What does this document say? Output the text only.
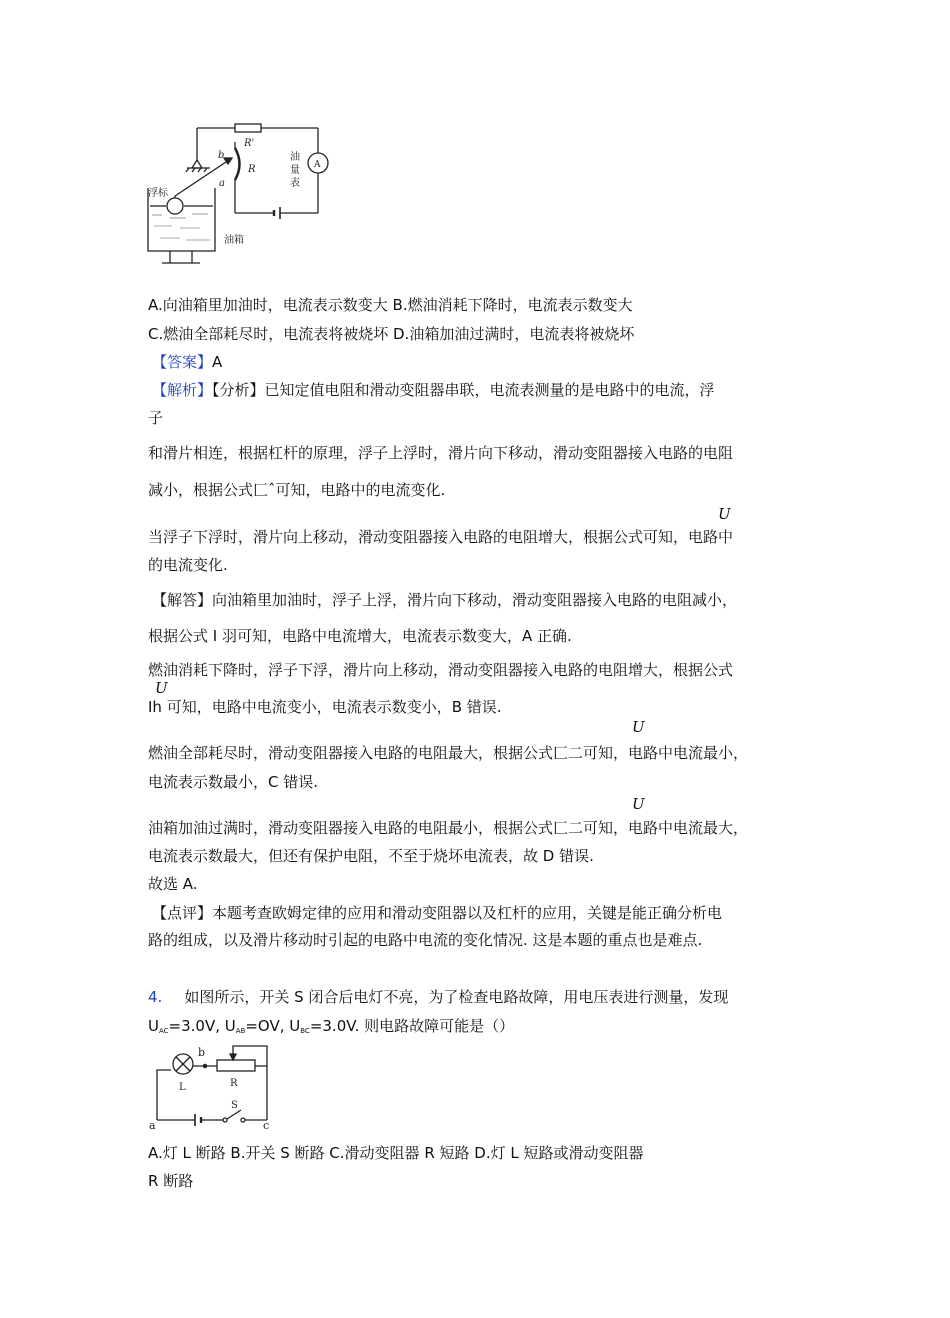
b
a
R'
R	A
浮标
油箱
油
量
表
A.向油箱里加油时，电流表示数变大 B.燃油消耗下降时，电流表示数变大
C.燃油全部耗尽时，电流表将被烧坏 D.油箱加油过满时，电流表将被烧坏
【答案】A
【解析】【分析】已知定值电阻和滑动变阻器串联，电流表测量的是电路中的电流，浮
子
和滑片相连，根据杠杆的原理，浮子上浮时，滑片向下移动，滑动变阻器接入电路的电阻
减小，根据公式匚ˆ可知，电路中的电流变化.
U
当浮子下浮时，滑片向上移动，滑动变阻器接入电路的电阻增大，根据公式可知，电路中
的电流变化.
【解答】向油箱里加油时，浮子上浮，滑片向下移动，滑动变阻器接入电路的电阻减小，
根据公式 I 羽可知，电路中电流增大，电流表示数变大，A 正确.
燃油消耗下降时，浮子下浮，滑片向上移动，滑动变阻器接入电路的电阻增大，根据公式
U
Ih 可知，电路中电流变小，电流表示数变小，B 错误.
U
燃油全部耗尽时，滑动变阻器接入电路的电阻最大，根据公式匚二可知，电路中电流最小，
电流表示数最小，C 错误.
U
油箱加油过满时，滑动变阻器接入电路的电阻最小，根据公式匚二可知，电路中电流最大，
电流表示数最大，但还有保护电阻，不至于烧坏电流表，故 D 错误.
故选 A.
【点评】本题考查欧姆定律的应用和滑动变阻器以及杠杆的应用，关键是能正确分析电
路的组成，以及滑片移动时引起的电路中电流的变化情况. 这是本题的重点也是难点.
4. 如图所示，开关 S 闭合后电灯不亮，为了检查电路故障，用电压表进行测量，发现
$U_{AC}=3.0V$, $U_{AB}=OV$, $U_{BC}=3.0V$. 则电路故障可能是（）
b
R
L
S
a	c
A.灯 L 断路 B.开关 S 断路 C.滑动变阻器 R 短路 D.灯 L 短路或滑动变阻器
R 断路
